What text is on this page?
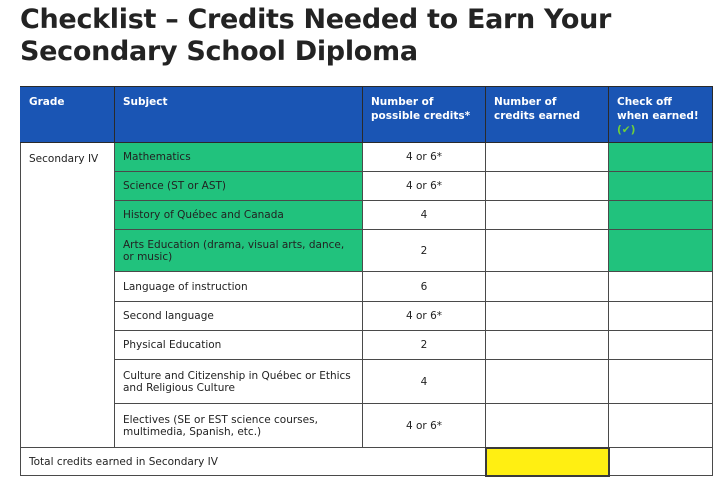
Checklist – Credits Needed to Earn Your
Secondary School Diploma
Grade	Subject	Number of possible credits*	Number of credits earned	Check off when earned!
(✔)
Secondary IV	Mathematics	4 or 6*		
	Science (ST or AST)	4 or 6*		
	History of Québec and Canada	4		
	Arts Education (drama, visual arts, dance, or music)	2		
	Language of instruction	6		
	Second language	4 or 6*		
	Physical Education	2		
	Culture and Citizenship in Québec or Ethics and Religious Culture	4		
	Electives (SE or EST science courses, multimedia, Spanish, etc.)	4 or 6*		
Total credits earned in Secondary IV				
